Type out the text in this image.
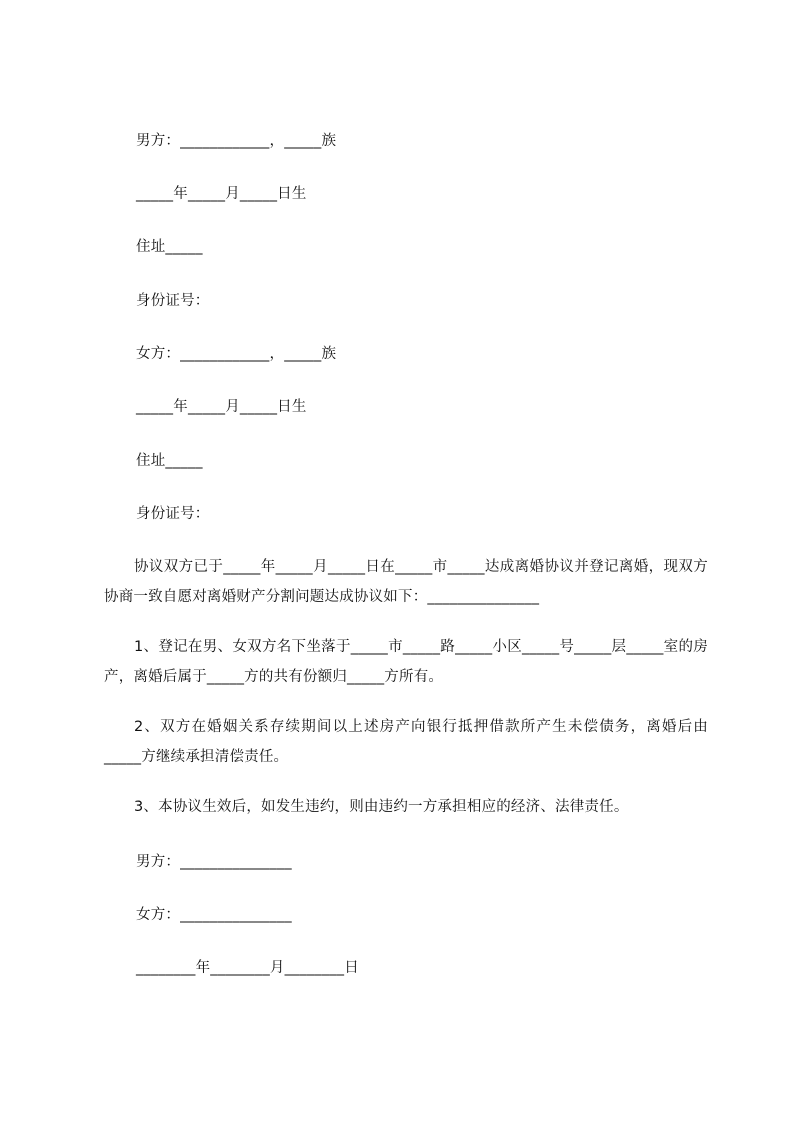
男方：____________，_____族
_____年_____月_____日生
住址_____
身份证号：
女方：____________，_____族
_____年_____月_____日生
住址_____
身份证号：
协议双方已于_____年_____月_____日在_____市_____达成离婚协议并登记离婚，现双方协商一致自愿对离婚财产分割问题达成协议如下：_______________
1、登记在男、女双方名下坐落于_____市_____路_____小区_____号_____层_____室的房产，离婚后属于_____方的共有份额归_____方所有。
2、双方在婚姻关系存续期间以上述房产向银行抵押借款所产生未偿债务，离婚后由_____方继续承担清偿责任。
3、本协议生效后，如发生违约，则由违约一方承担相应的经济、法律责任。
男方：_______________
女方：_______________
________年________月________日
